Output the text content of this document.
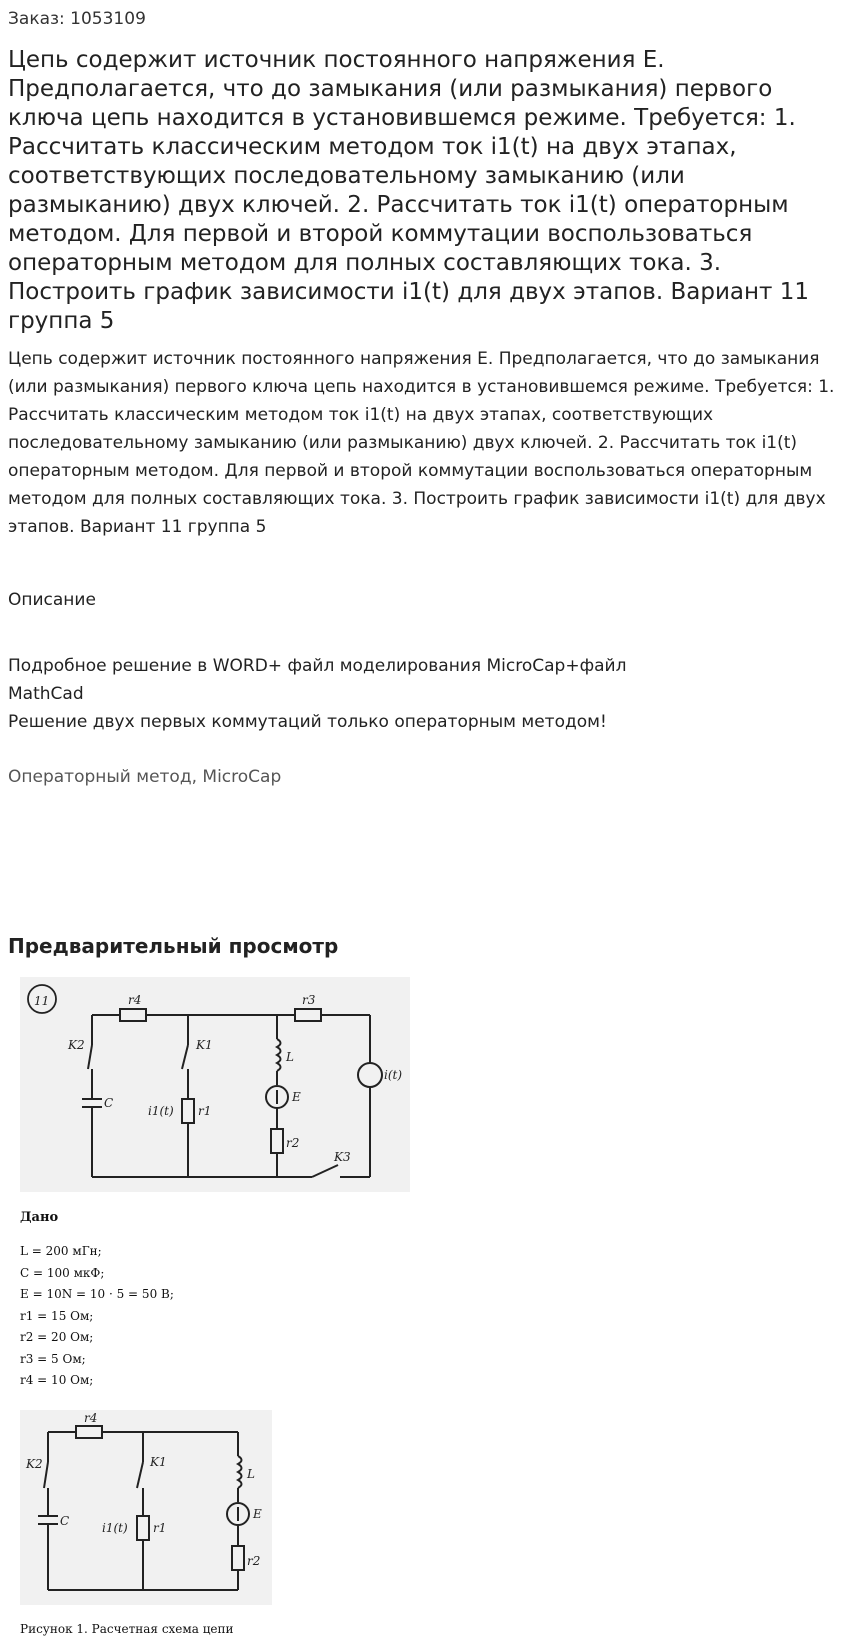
Заказ: 1053109
Цепь содержит источник постоянного напряжения E. Предполагается, что до замыкания (или размыкания) первого ключа цепь находится в установившемся режиме. Требуется: 1. Рассчитать классическим методом ток i1(t) на двух этапах, соответствующих последовательному замыканию (или размыканию) двух ключей. 2. Рассчитать ток i1(t) операторным методом. Для первой и второй коммутации воспользоваться операторным методом для полных составляющих тока. 3. Построить график зависимости i1(t) для двух этапов. Вариант 11 группа 5
Цепь содержит источник постоянного напряжения E. Предполагается, что до замыкания (или размыкания) первого ключа цепь находится в установившемся режиме. Требуется: 1. Рассчитать классическим методом ток i1(t) на двух этапах, соответствующих последовательному замыканию (или размыканию) двух ключей. 2. Рассчитать ток i1(t) операторным методом. Для первой и второй коммутации воспользоваться операторным методом для полных составляющих тока. 3. Построить график зависимости i1(t) для двух этапов. Вариант 11 группа 5
Описание
Подробное решение в WORD+ файл моделирования MicroCap+файл
MathCad
Решение двух первых коммутаций только операторным методом!
Операторный метод, MicroCap
Предварительный просмотр
11	r4	r3
K2	K1
C
i1(t) r1
L
E
r2
i(t)
K3
Дано
L = 200 мГн;
C = 100 мкФ;
E = 10N = 10 · 5 = 50 В;
r1 = 15 Ом;
r2 = 20 Ом;
r3 = 5 Ом;
r4 = 10 Ом;
r4
K2	K1
C	i1(t) r1
L
E
r2
Рисунок 1. Расчетная схема цепи
